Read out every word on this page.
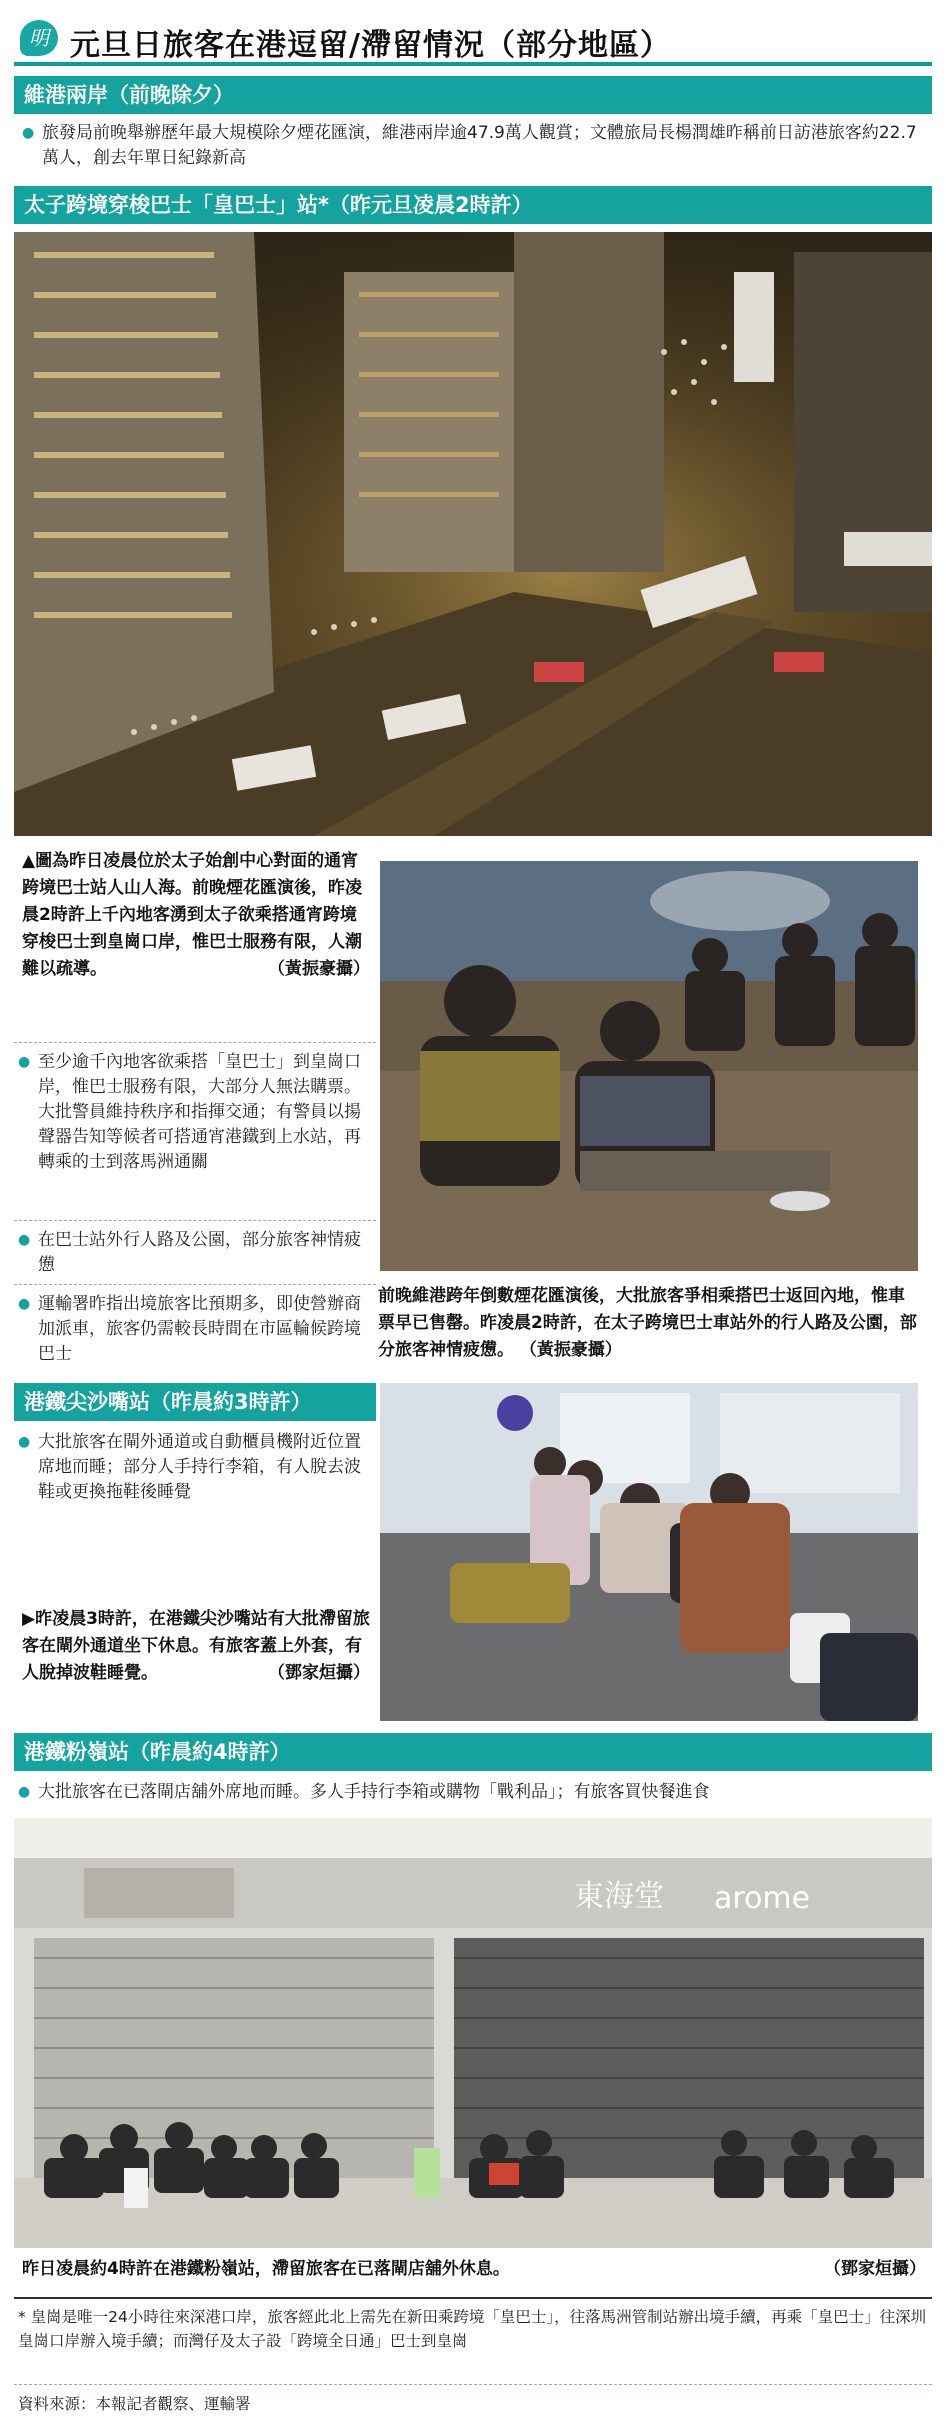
明 元旦日旅客在港逗留/滯留情況（部分地區）
維港兩岸（前晚除夕）
● 旅發局前晚舉辦歷年最大規模除夕煙花匯演，維港兩岸逾47.9萬人觀賞；文體旅局長楊潤雄昨稱前日訪港旅客約22.7萬人，創去年單日紀錄新高
太子跨境穿梭巴士「皇巴士」站*（昨元旦凌晨2時許）
▲圖為昨日凌晨位於太子始創中心對面的通宵跨境巴士站人山人海。前晚煙花匯演後，昨凌晨2時許上千內地客湧到太子欲乘搭通宵跨境穿梭巴士到皇崗口岸，惟巴士服務有限，人潮難以疏導。	（黃振豪攝）
● 至少逾千內地客欲乘搭「皇巴士」到皇崗口岸，惟巴士服務有限，大部分人無法購票。大批警員維持秩序和指揮交通；有警員以揚聲器告知等候者可搭通宵港鐵到上水站，再轉乘的士到落馬洲通關
● 在巴士站外行人路及公園，部分旅客神情疲憊
● 運輸署昨指出境旅客比預期多，即使營辦商加派車，旅客仍需較長時間在市區輪候跨境巴士
前晚維港跨年倒數煙花匯演後，大批旅客爭相乘搭巴士返回內地，惟車票早已售罄。昨凌晨2時許，在太子跨境巴士車站外的行人路及公園，部分旅客神情疲憊。 （黃振豪攝）
港鐵尖沙嘴站（昨晨約3時許）
● 大批旅客在閘外通道或自動櫃員機附近位置席地而睡；部分人手持行李箱，有人脫去波鞋或更換拖鞋後睡覺
▶昨凌晨3時許，在港鐵尖沙嘴站有大批滯留旅客在閘外通道坐下休息。有旅客蓋上外套，有人脫掉波鞋睡覺。	（鄧家烜攝）
港鐵粉嶺站（昨晨約4時許）
● 大批旅客在已落閘店舖外席地而睡。多人手持行李箱或購物「戰利品」；有旅客買快餐進食
東海堂 arome
昨日凌晨約4時許在港鐵粉嶺站，滯留旅客在已落閘店舖外休息。	（鄧家烜攝）
* 皇崗是唯一24小時往來深港口岸，旅客經此北上需先在新田乘跨境「皇巴士」，往落馬洲管制站辦出境手續，再乘「皇巴士」往深圳皇崗口岸辦入境手續；而灣仔及太子設「跨境全日通」巴士到皇崗
資料來源：本報記者觀察、運輸署
